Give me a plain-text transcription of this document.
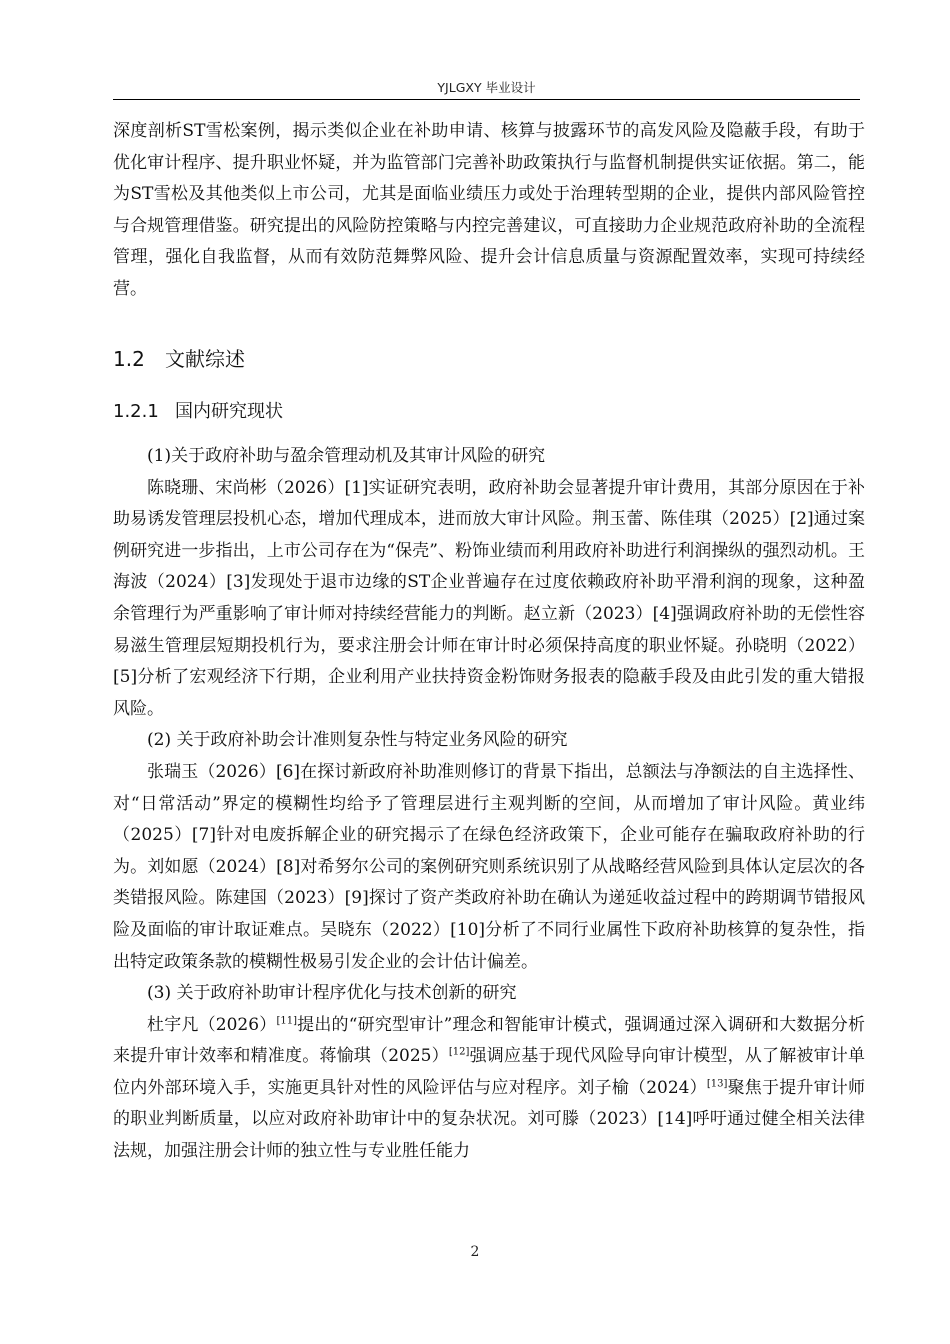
YJLGXY 毕业设计

深度剖析ST雪松案例，揭示类似企业在补助申请、核算与披露环节的高发风险及隐蔽手段，有助于优化审计程序、提升职业怀疑，并为监管部门完善补助政策执行与监督机制提供实证依据。第二，能为ST雪松及其他类似上市公司，尤其是面临业绩压力或处于治理转型期的企业，提供内部风险管控与合规管理借鉴。研究提出的风险防控策略与内控完善建议，可直接助力企业规范政府补助的全流程管理，强化自我监督，从而有效防范舞弊风险、提升会计信息质量与资源配置效率，实现可持续经营。

1.2 文献综述
1.2.1 国内研究现状

(1)关于政府补助与盈余管理动机及其审计风险的研究

陈晓珊、宋尚彬（2026）[1]实证研究表明，政府补助会显著提升审计费用，其部分原因在于补助易诱发管理层投机心态，增加代理成本，进而放大审计风险。荆玉蕾、陈佳琪（2025）[2]通过案例研究进一步指出，上市公司存在为“保壳”、粉饰业绩而利用政府补助进行利润操纵的强烈动机。王海波（2024）[3]发现处于退市边缘的ST企业普遍存在过度依赖政府补助平滑利润的现象，这种盈余管理行为严重影响了审计师对持续经营能力的判断。赵立新（2023）[4]强调政府补助的无偿性容易滋生管理层短期投机行为，要求注册会计师在审计时必须保持高度的职业怀疑。孙晓明（2022）[5]分析了宏观经济下行期，企业利用产业扶持资金粉饰财务报表的隐蔽手段及由此引发的重大错报风险。

(2) 关于政府补助会计准则复杂性与特定业务风险的研究

张瑞玉（2026）[6]在探讨新政府补助准则修订的背景下指出，总额法与净额法的自主选择性、对“日常活动”界定的模糊性均给予了管理层进行主观判断的空间，从而增加了审计风险。黄业纬（2025）[7]针对电废拆解企业的研究揭示了在绿色经济政策下，企业可能存在骗取政府补助的行为。刘如愿（2024）[8]对希努尔公司的案例研究则系统识别了从战略经营风险到具体认定层次的各类错报风险。陈建国（2023）[9]探讨了资产类政府补助在确认为递延收益过程中的跨期调节错报风险及面临的审计取证难点。吴晓东（2022）[10]分析了不同行业属性下政府补助核算的复杂性，指出特定政策条款的模糊性极易引发企业的会计估计偏差。

(3) 关于政府补助审计程序优化与技术创新的研究

杜宇凡（2026）[11]提出的“研究型审计”理念和智能审计模式，强调通过深入调研和大数据分析来提升审计效率和精准度。蒋愉琪（2025）[12]强调应基于现代风险导向审计模型，从了解被审计单位内外部环境入手，实施更具针对性的风险评估与应对程序。刘子榆（2024）[13]聚焦于提升审计师的职业判断质量，以应对政府补助审计中的复杂状况。刘可滕（2023）[14]呼吁通过健全相关法律法规，加强注册会计师的独立性与专业胜任能力

2
